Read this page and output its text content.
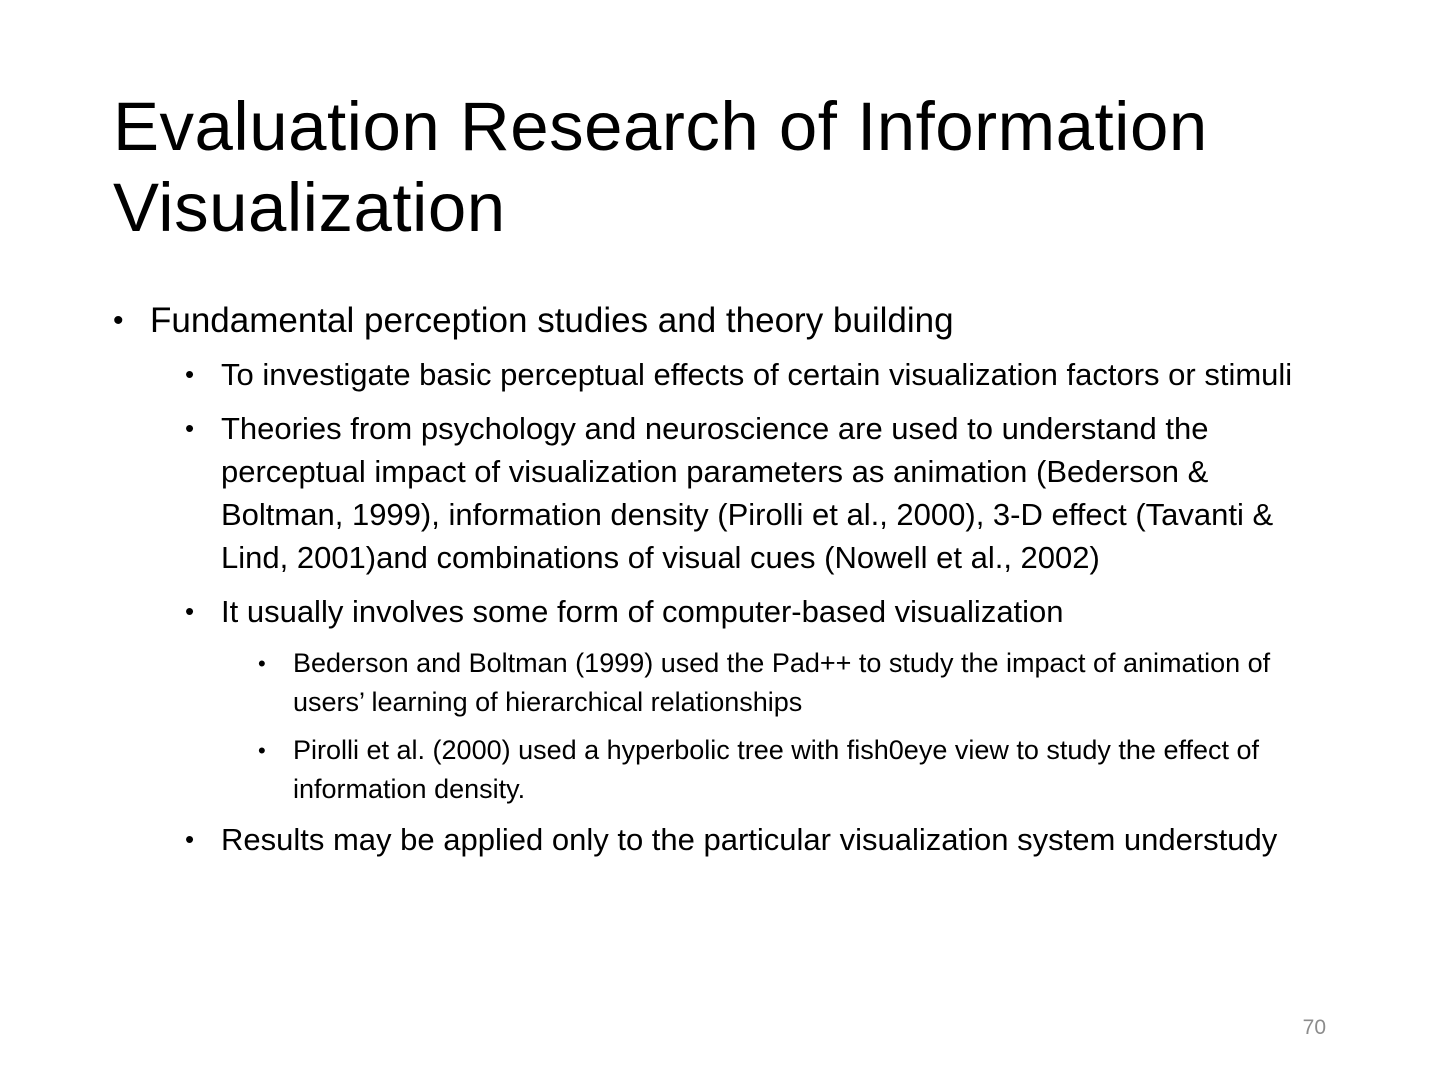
Evaluation Research of Information
Visualization
• Fundamental perception studies and theory building
• To investigate basic perceptual effects of certain visualization factors or stimuli
• Theories from psychology and neuroscience are used to understand the perceptual impact of visualization parameters as animation (Bederson & Boltman, 1999), information density (Pirolli et al., 2000), 3-D effect (Tavanti & Lind, 2001)and combinations of visual cues (Nowell et al., 2002)
• It usually involves some form of computer-based visualization
• Bederson and Boltman (1999) used the Pad++ to study the impact of animation of users’ learning of hierarchical relationships
• Pirolli et al. (2000) used a hyperbolic tree with fish0eye view to study the effect of information density.
• Results may be applied only to the particular visualization system understudy
70
